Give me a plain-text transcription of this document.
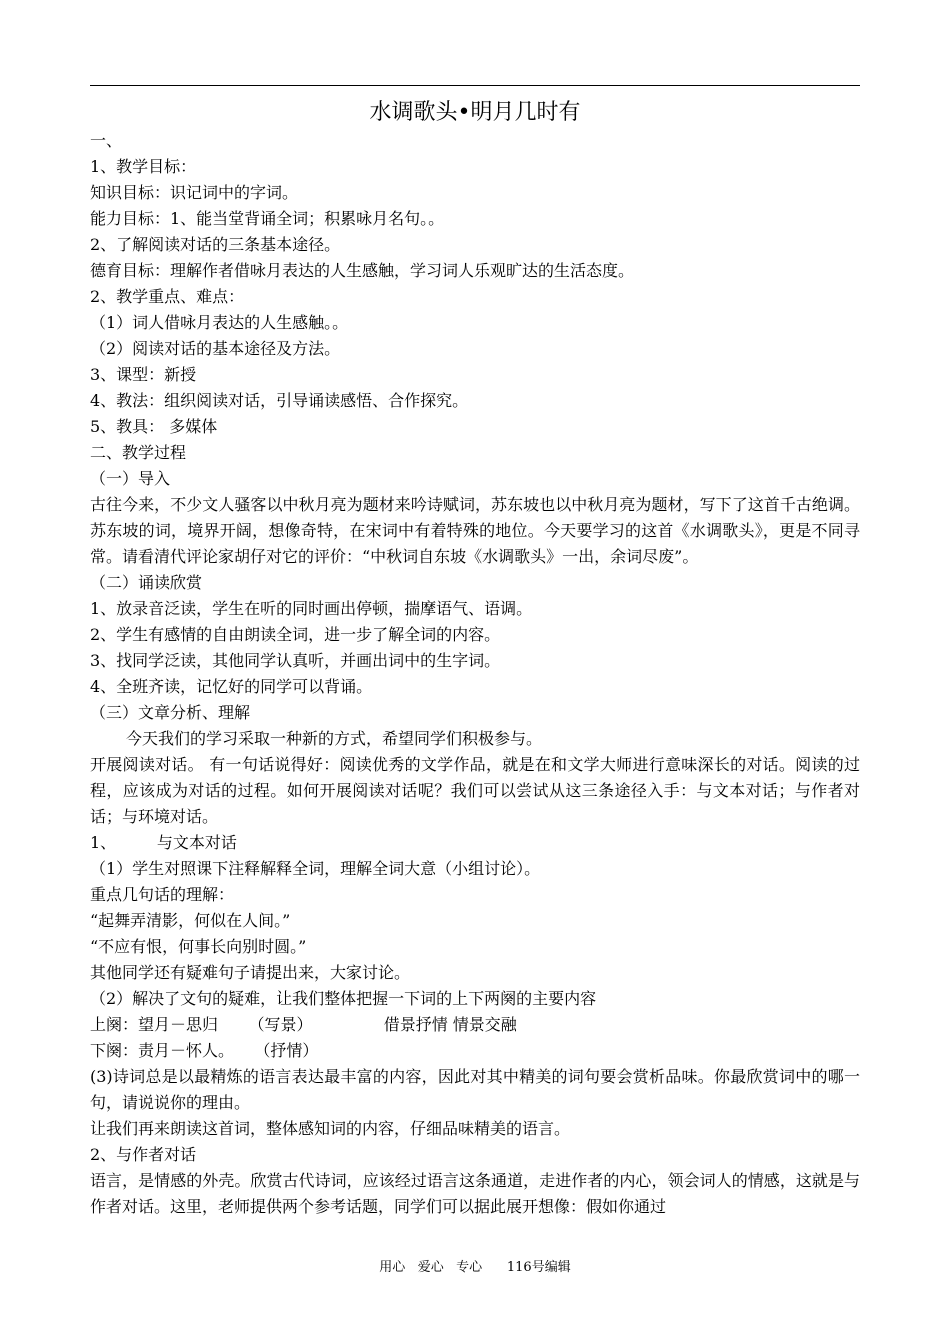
水调歌头•明月几时有
一、
1、教学目标：
知识目标：识记词中的字词。
能力目标：1、能当堂背诵全词；积累咏月名句。。
2、了解阅读对话的三条基本途径。
德育目标：理解作者借咏月表达的人生感触，学习词人乐观旷达的生活态度。
2、教学重点、难点：
（1）词人借咏月表达的人生感触。。
（2）阅读对话的基本途径及方法。
3、课型：新授
4、教法：组织阅读对话，引导诵读感悟、合作探究。
5、教具： 多媒体
二、教学过程
（一）导入
古往今来，不少文人骚客以中秋月亮为题材来吟诗赋词，苏东坡也以中秋月亮为题材，写下了这首千古绝调。苏东坡的词，境界开阔，想像奇特，在宋词中有着特殊的地位。今天要学习的这首《水调歌头》，更是不同寻常。请看清代评论家胡仔对它的评价：“中秋词自东坡《水调歌头》一出，余词尽废”。
（二）诵读欣赏
1、放录音泛读，学生在听的同时画出停顿，揣摩语气、语调。
2、学生有感情的自由朗读全词，进一步了解全词的内容。
3、找同学泛读，其他同学认真听，并画出词中的生字词。
4、全班齐读，记忆好的同学可以背诵。
（三）文章分析、理解
今天我们的学习采取一种新的方式，希望同学们积极参与。
开展阅读对话。 有一句话说得好：阅读优秀的文学作品，就是在和文学大师进行意味深长的对话。阅读的过程，应该成为对话的过程。如何开展阅读对话呢？我们可以尝试从这三条途径入手：与文本对话；与作者对话；与环境对话。
1、        与文本对话
（1）学生对照课下注释解释全词，理解全词大意（小组讨论）。
重点几句话的理解：
“起舞弄清影，何似在人间。”
“不应有恨，何事长向别时圆。”
其他同学还有疑难句子请提出来，大家讨论。
（2）解决了文句的疑难，让我们整体把握一下词的上下两阕的主要内容
上阕：望月－思归      （写景）              借景抒情 情景交融
下阕：责月－怀人。    （抒情）
(3)诗词总是以最精炼的语言表达最丰富的内容，因此对其中精美的词句要会赏析品味。你最欣赏词中的哪一句，请说说你的理由。
让我们再来朗读这首词，整体感知词的内容，仔细品味精美的语言。
2、与作者对话
语言，是情感的外壳。欣赏古代诗词，应该经过语言这条通道，走进作者的内心，领会词人的情感，这就是与作者对话。这里，老师提供两个参考话题，同学们可以据此展开想像：假如你通过
用心   爱心   专心      116号编辑
